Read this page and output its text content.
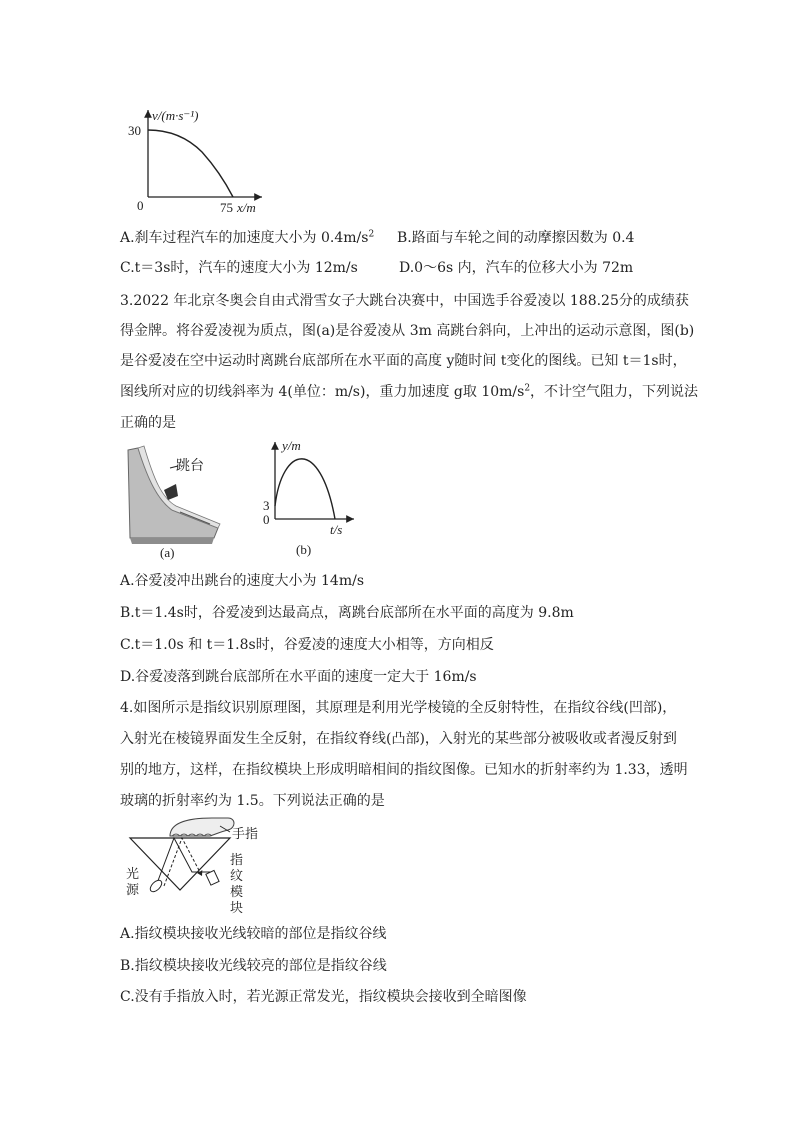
v/(m·s⁻¹)
30
0	75 x/m
A.刹车过程汽车的加速度大小为 $0.4m/s^2$ B.路面与车轮之间的动摩擦因数为 0.4
C.t＝3s时，汽车的速度大小为 12m/s	D.0～6s 内，汽车的位移大小为 72m
3.2022 年北京冬奥会自由式滑雪女子大跳台决赛中，中国选手谷爱凌以 188.25分的成绩获
得金牌。将谷爱凌视为质点，图(a)是谷爱凌从 3m 高跳台斜向，上冲出的运动示意图，图(b)
是谷爱凌在空中运动时离跳台底部所在水平面的高度 y随时间 t变化的图线。已知 t＝1s时，
图线所对应的切线斜率为 4(单位：m/s)，重力加速度 g取 $10m/s^2$，不计空气阻力，下列说法
正确的是
跳台
(a)
y/m
3
0
t/s
(b)
A.谷爱凌冲出跳台的速度大小为 14m/s
B.t＝1.4s时，谷爱凌到达最高点，离跳台底部所在水平面的高度为 9.8m
C.t＝1.0s 和 t＝1.8s时，谷爱凌的速度大小相等，方向相反
D.谷爱凌落到跳台底部所在水平面的速度一定大于 16m/s
4.如图所示是指纹识别原理图，其原理是利用光学棱镜的全反射特性，在指纹谷线(凹部)，
入射光在棱镜界面发生全反射，在指纹脊线(凸部)，入射光的某些部分被吸收或者漫反射到
别的地方，这样，在指纹模块上形成明暗相间的指纹图像。已知水的折射率约为 1.33，透明
玻璃的折射率约为 1.5。下列说法正确的是
手指
光
源
指
纹
模
块
A.指纹模块接收光线较暗的部位是指纹谷线
B.指纹模块接收光线较亮的部位是指纹谷线
C.没有手指放入时，若光源正常发光，指纹模块会接收到全暗图像
